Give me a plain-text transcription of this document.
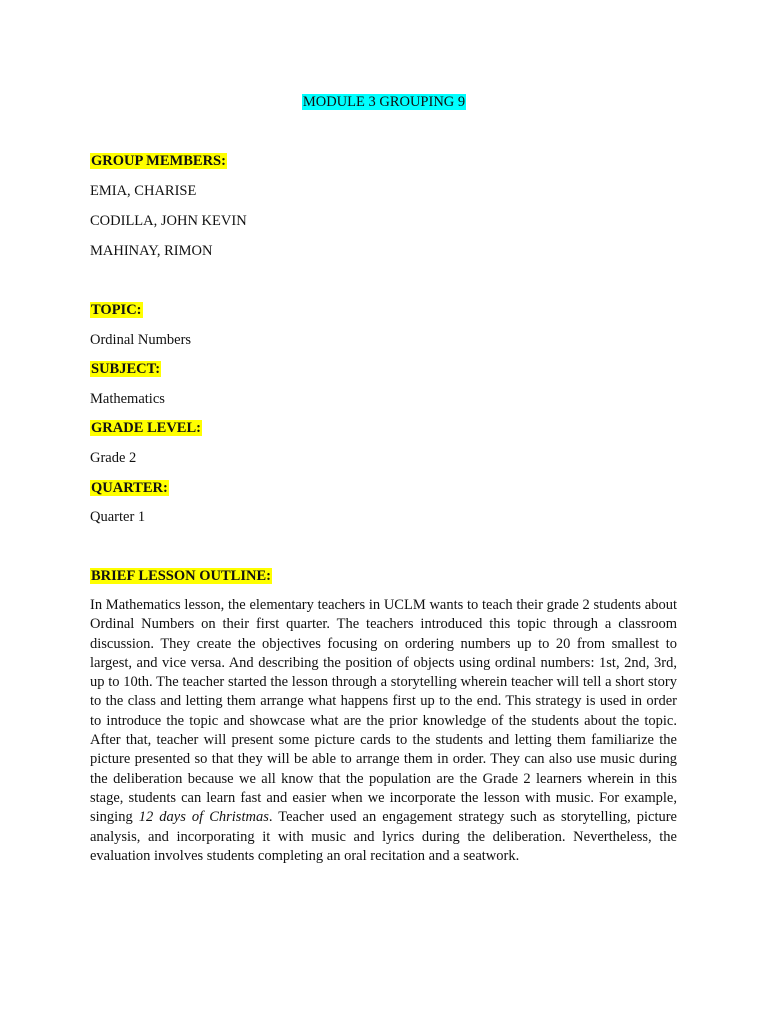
MODULE 3 GROUPING 9
GROUP MEMBERS:
EMIA, CHARISE
CODILLA, JOHN KEVIN
MAHINAY, RIMON
TOPIC:
Ordinal Numbers
SUBJECT:
Mathematics
GRADE LEVEL:
Grade 2
QUARTER:
Quarter 1
BRIEF LESSON OUTLINE:

In Mathematics lesson, the elementary teachers in UCLM wants to teach their grade 2 students about Ordinal Numbers on their first quarter. The teachers introduced this topic through a classroom discussion. They create the objectives focusing on ordering numbers up to 20 from smallest to largest, and vice versa. And describing the position of objects using ordinal numbers: 1st, 2nd, 3rd, up to 10th. The teacher started the lesson through a storytelling wherein teacher will tell a short story to the class and letting them arrange what happens first up to the end. This strategy is used in order to introduce the topic and showcase what are the prior knowledge of the students about the topic. After that, teacher will present some picture cards to the students and letting them familiarize the picture presented so that they will be able to arrange them in order. They can also use music during the deliberation because we all know that the population are the Grade 2 learners wherein in this stage, students can learn fast and easier when we incorporate the lesson with music. For example, singing 12 days of Christmas. Teacher used an engagement strategy such as storytelling, picture analysis, and incorporating it with music and lyrics during the deliberation. Nevertheless, the evaluation involves students completing an oral recitation and a seatwork.
